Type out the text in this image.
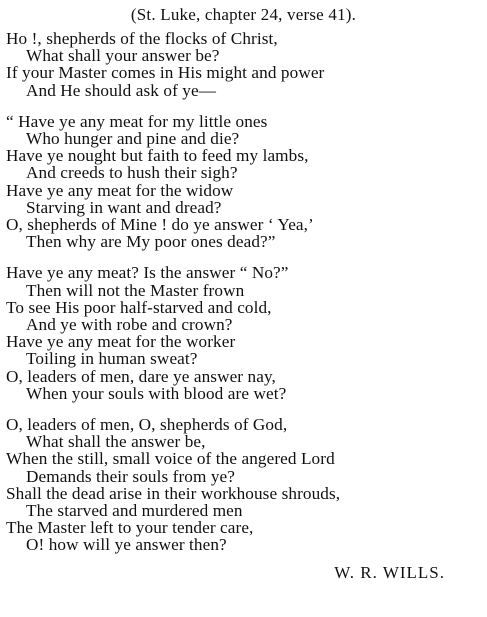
(St. Luke, chapter 24, verse 41).
Ho !, shepherds of the flocks of Christ,
What shall your answer be?
If your Master comes in His might and power
And He should ask of ye—
“ Have ye any meat for my little ones
Who hunger and pine and die?
Have ye nought but faith to feed my lambs,
And creeds to hush their sigh?
Have ye any meat for the widow
Starving in want and dread?
O, shepherds of Mine ! do ye answer ‘ Yea,’
Then why are My poor ones dead?”
Have ye any meat? Is the answer “ No?”
Then will not the Master frown
To see His poor half-starved and cold,
And ye with robe and crown?
Have ye any meat for the worker
Toiling in human sweat?
O, leaders of men, dare ye answer nay,
When your souls with blood are wet?
O, leaders of men, O, shepherds of God,
What shall the answer be,
When the still, small voice of the angered Lord
Demands their souls from ye?
Shall the dead arise in their workhouse shrouds,
The starved and murdered men
The Master left to your tender care,
O! how will ye answer then?
W. R. WILLS.
